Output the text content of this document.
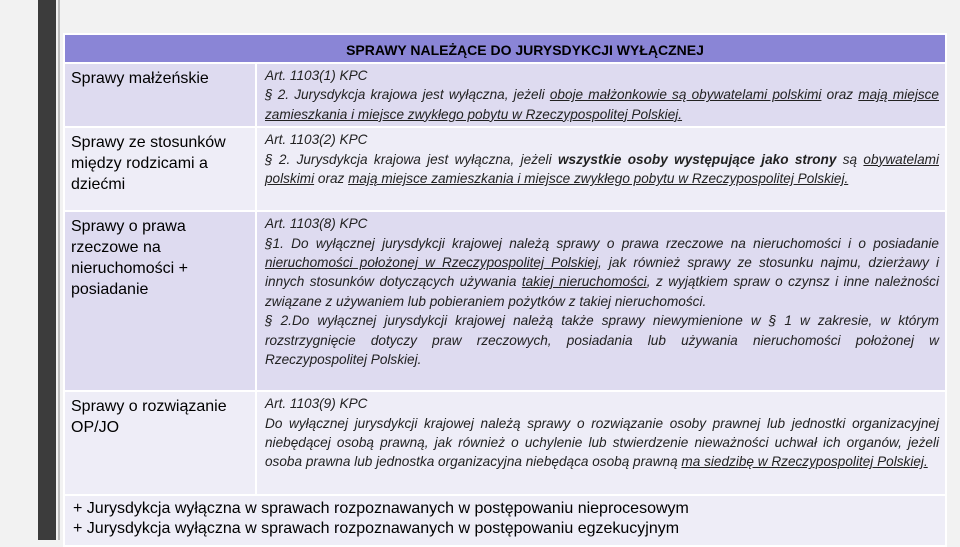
SPRAWY NALEŻĄCE DO JURYSDYKCJI WYŁĄCZNEJ	
Sprawy małżeńskie	Art. 1103(1) KPC
§ 2. Jurysdykcja krajowa jest wyłączna, jeżeli oboje małżonkowie są obywatelami polskimi oraz mają miejsce zamieszkania i miejsce zwykłego pobytu w Rzeczypospolitej Polskiej.
Sprawy ze stosunków między rodzicami a dziećmi	Art. 1103(2) KPC
§ 2. Jurysdykcja krajowa jest wyłączna, jeżeli wszystkie osoby występujące jako strony są obywatelami polskimi oraz mają miejsce zamieszkania i miejsce zwykłego pobytu w Rzeczypospolitej Polskiej.
Sprawy o prawa rzeczowe na nieruchomości + posiadanie	Art. 1103(8) KPC
§1. Do wyłącznej jurysdykcji krajowej należą sprawy o prawa rzeczowe na nieruchomości i o posiadanie nieruchomości położonej w Rzeczypospolitej Polskiej, jak również sprawy ze stosunku najmu, dzierżawy i innych stosunków dotyczących używania takiej nieruchomości, z wyjątkiem spraw o czynsz i inne należności związane z używaniem lub pobieraniem pożytków z takiej nieruchomości.
§ 2.Do wyłącznej jurysdykcji krajowej należą także sprawy niewymienione w § 1 w zakresie, w którym rozstrzygnięcie dotyczy praw rzeczowych, posiadania lub używania nieruchomości położonej w Rzeczypospolitej Polskiej.

Sprawy o rozwiązanie OP/JO	Art. 1103(9) KPC
Do wyłącznej jurysdykcji krajowej należą sprawy o rozwiązanie osoby prawnej lub jednostki organizacyjnej niebędącej osobą prawną, jak również o uchylenie lub stwierdzenie nieważności uchwał ich organów, jeżeli osoba prawna lub jednostka organizacyjna niebędąca osobą prawną ma siedzibę w Rzeczypospolitej Polskiej.

+ Jurysdykcja wyłączna w sprawach rozpoznawanych w postępowaniu nieprocesowym
+ Jurysdykcja wyłączna w sprawach rozpoznawanych w postępowaniu egzekucyjnym	
